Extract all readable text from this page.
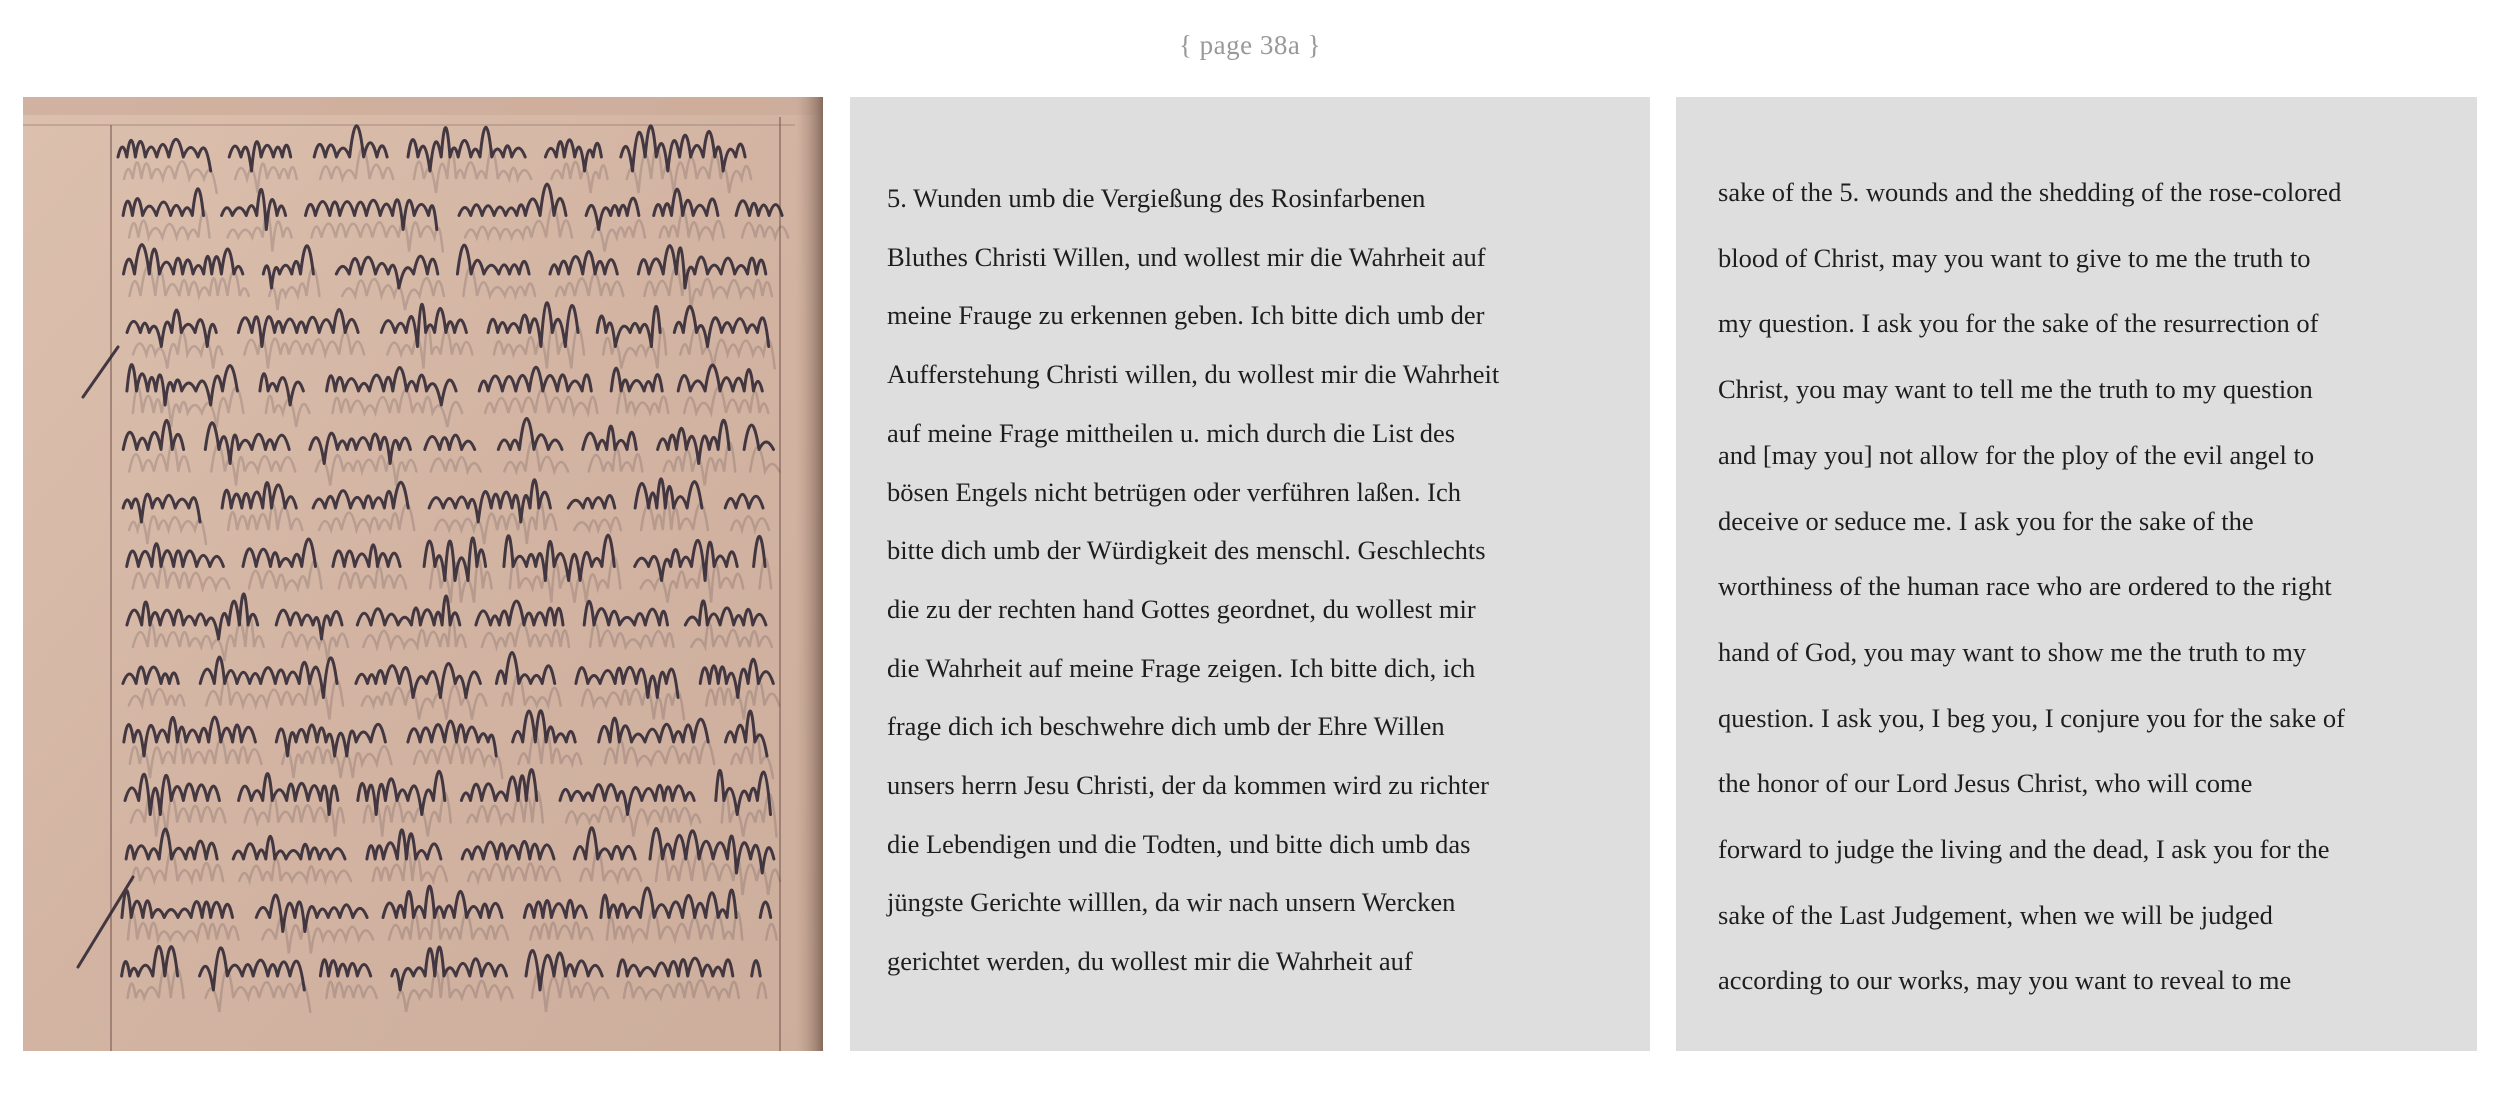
{ page 38a }

5. Wunden umb die Vergießung des Rosinfarbenen
Bluthes Christi Willen, und wollest mir die Wahrheit auf
meine Frauge zu erkennen geben. Ich bitte dich umb der
Aufferstehung Christi willen, du wollest mir die Wahrheit
auf meine Frage mittheilen u. mich durch die List des
bösen Engels nicht betrügen oder verführen laßen. Ich
bitte dich umb der Würdigkeit des menschl. Geschlechts
die zu der rechten hand Gottes geordnet, du wollest mir
die Wahrheit auf meine Frage zeigen. Ich bitte dich, ich
frage dich ich beschwehre dich umb der Ehre Willen
unsers herrn Jesu Christi, der da kommen wird zu richter
die Lebendigen und die Todten, und bitte dich umb das
jüngste Gerichte willlen, da wir nach unsern Wercken
gerichtet werden, du wollest mir die Wahrheit auf

sake of the 5. wounds and the shedding of the rose-colored
blood of Christ, may you want to give to me the truth to
my question. I ask you for the sake of the resurrection of
Christ, you may want to tell me the truth to my question
and [may you] not allow for the ploy of the evil angel to
deceive or seduce me. I ask you for the sake of the
worthiness of the human race who are ordered to the right
hand of God, you may want to show me the truth to my
question. I ask you, I beg you, I conjure you for the sake of
the honor of our Lord Jesus Christ, who will come
forward to judge the living and the dead, I ask you for the
sake of the Last Judgement, when we will be judged
according to our works, may you want to reveal to me
